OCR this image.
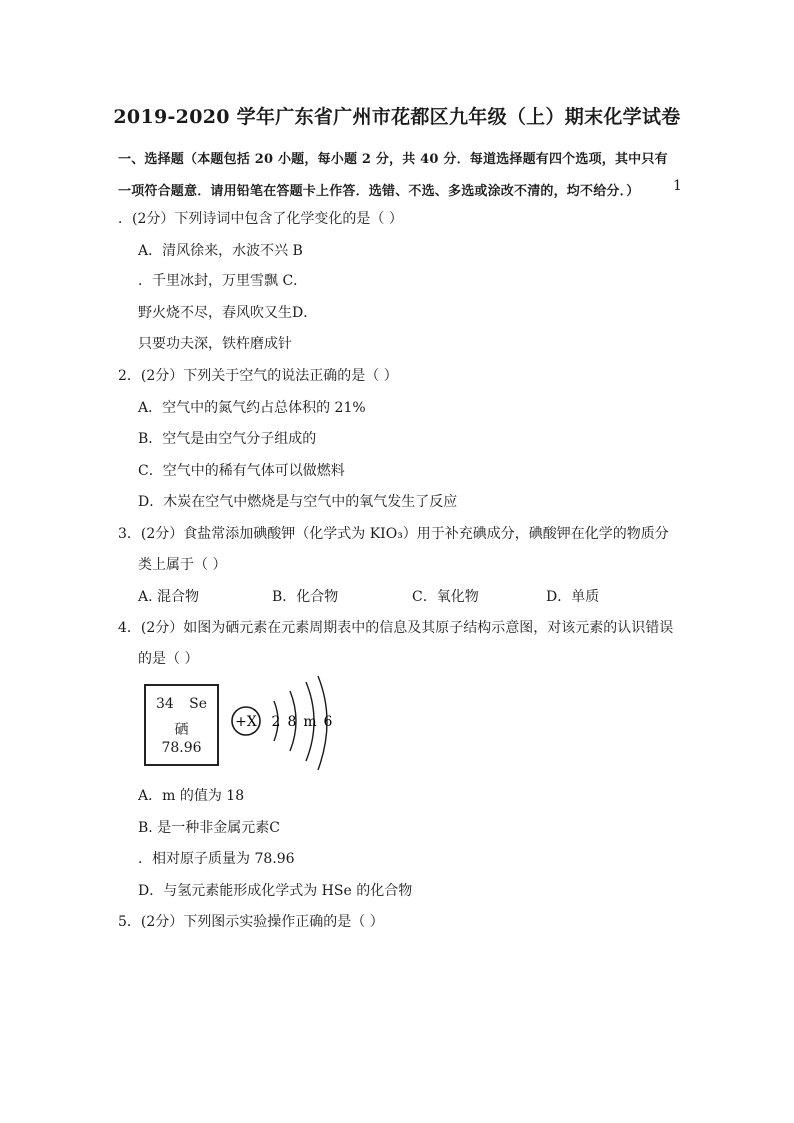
2019-2020 学年广东省广州市花都区九年级（上）期末化学试卷
一、选择题（本题包括 20 小题，每小题 2 分，共 40 分．每道选择题有四个选项，其中只有
一项符合题意．请用铅笔在答题卡上作答．选错、不选、多选或涂改不清的，均不给分．） 1
．(2分）下列诗词中包含了化学变化的是（ ）
A．清风徐来，水波不兴 B
．千里冰封，万里雪飘 C．
野火烧不尽，春风吹又生D．
只要功夫深，铁杵磨成针
2．(2分）下列关于空气的说法正确的是（ ）
A．空气中的氮气约占总体积的 21%
B．空气是由空气分子组成的
C．空气中的稀有气体可以做燃料
D．木炭在空气中燃烧是与空气中的氧气发生了反应
3．(2分）食盐常添加碘酸钾（化学式为 KIO₃）用于补充碘成分，碘酸钾在化学的物质分
类上属于（ ）
A. 混合物	B．化合物	C．氧化物	D．单质
4．(2分）如图为硒元素在元素周期表中的信息及其原子结构示意图，对该元素的认识错误
的是（ ）
34 Se
硒
78.96
+X 2 8 m 6
A．m 的值为 18
B. 是一种非金属元素C
．相对原子质量为 78.96
D．与氢元素能形成化学式为 HSe 的化合物
5．(2分）下列图示实验操作正确的是（ ）
